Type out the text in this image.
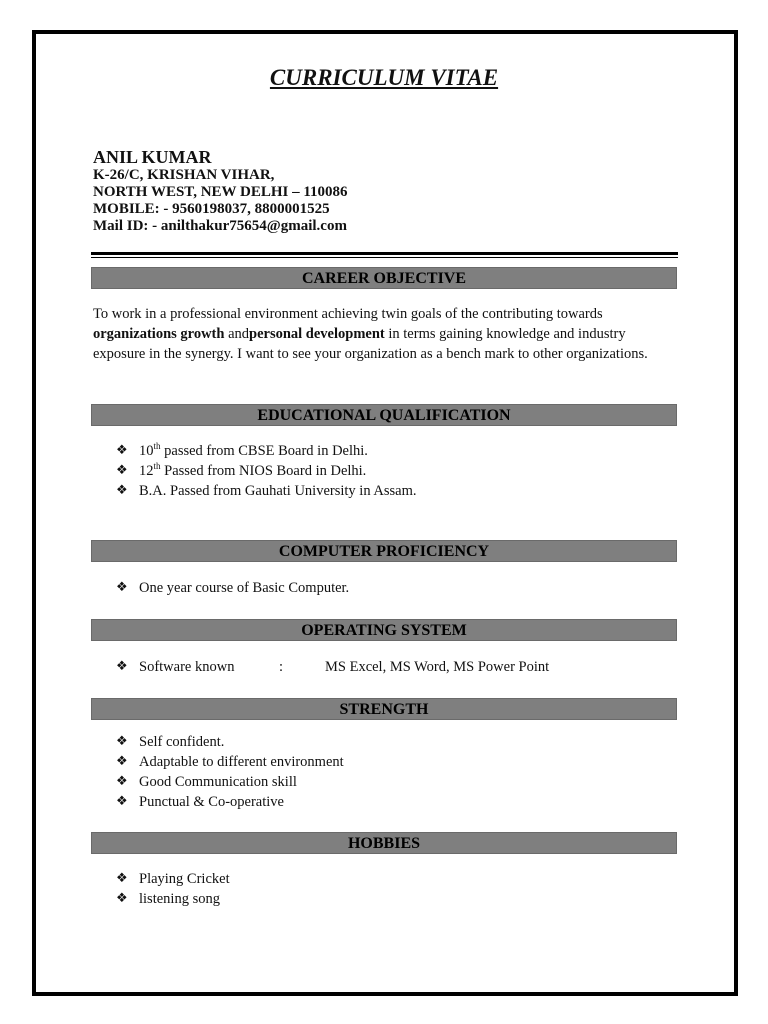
CURRICULUM VITAE
ANIL KUMAR
K-26/C, KRISHAN VIHAR,
NORTH WEST, NEW DELHI – 110086
MOBILE: - 9560198037, 8800001525
Mail ID: - anilthakur75654@gmail.com
CAREER OBJECTIVE
To work in a professional environment achieving twin goals of the contributing towards organizations growth andpersonal development in terms gaining knowledge and industry exposure in the synergy. I want to see your organization as a bench mark to other organizations.
EDUCATIONAL QUALIFICATION
❖ 10th passed from CBSE Board in Delhi.
❖ 12th Passed from NIOS Board in Delhi.
❖ B.A. Passed from Gauhati University in Assam.
COMPUTER PROFICIENCY
❖ One year course of Basic Computer.
OPERATING SYSTEM
❖ Software known	:	MS Excel, MS Word, MS Power Point
STRENGTH
❖ Self confident.
❖ Adaptable to different environment
❖ Good Communication skill
❖ Punctual & Co-operative
HOBBIES
❖ Playing Cricket
❖ listening song
